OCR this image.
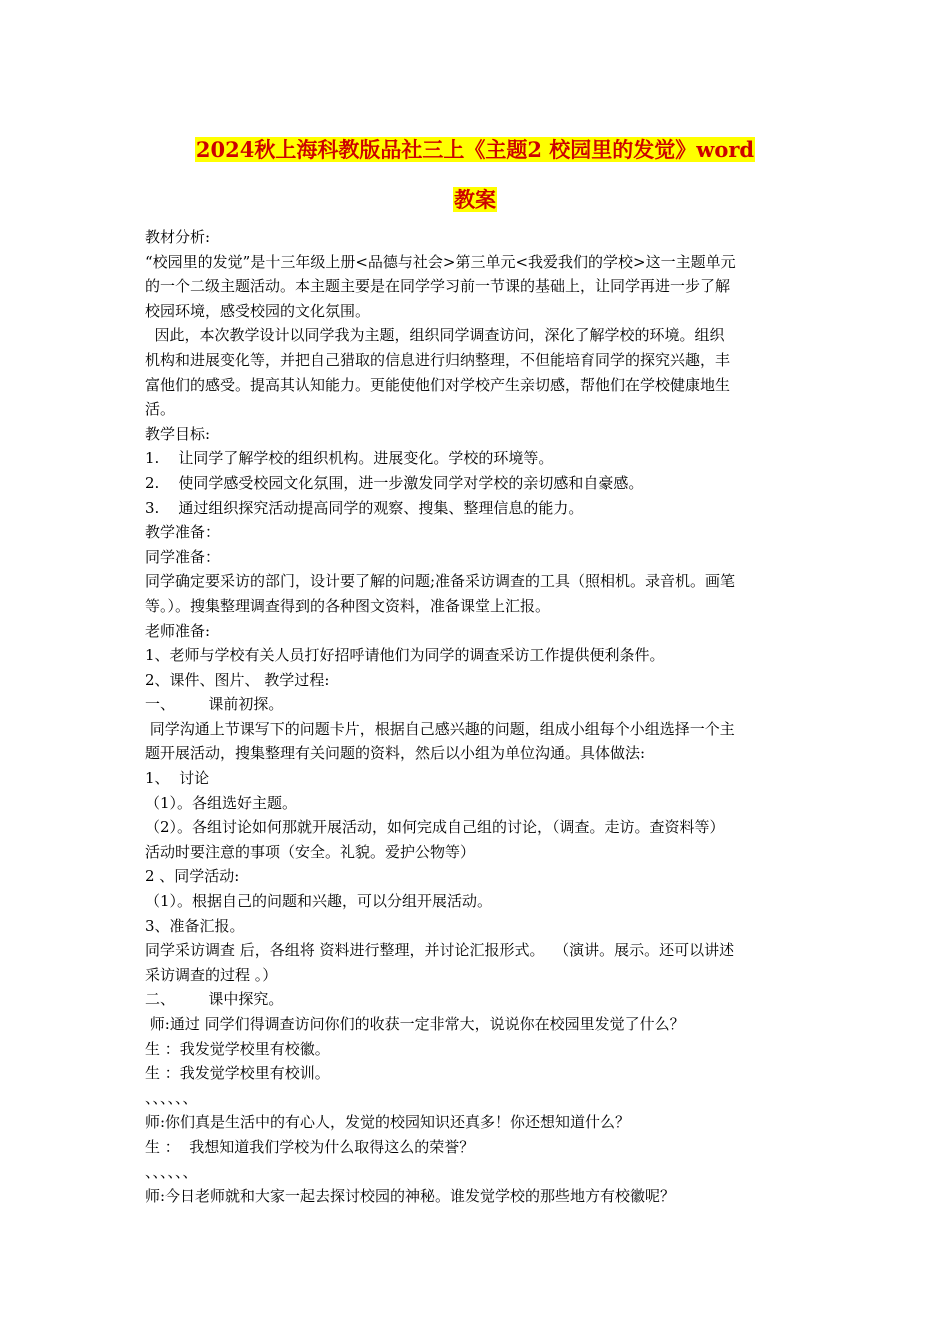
2024秋上海科教版品社三上《主题2 校园里的发觉》word
教案
教材分析:
“校园里的发觉”是十三年级上册<品德与社会>第三单元<我爱我们的学校>这一主题单元
的一个二级主题活动。本主题主要是在同学学习前一节课的基础上，让同学再进一步了解
校园环境，感受校园的文化氛围。
因此，本次教学设计以同学我为主题，组织同学调查访问，深化了解学校的环境。组织
机构和进展变化等，并把自己猎取的信息进行归纳整理，不但能培育同学的探究兴趣，丰
富他们的感受。提高其认知能力。更能使他们对学校产生亲切感，帮他们在学校健康地生
活。
教学目标:
1.    让同学了解学校的组织机构。进展变化。学校的环境等。
2.    使同学感受校园文化氛围，进一步激发同学对学校的亲切感和自豪感。
3.    通过组织探究活动提高同学的观察、搜集、整理信息的能力。
教学准备：
同学准备：
同学确定要采访的部门，设计要了解的问题;准备采访调查的工具（照相机。录音机。画笔
等。）。搜集整理调查得到的各种图文资料，准备课堂上汇报。
老师准备:
1、老师与学校有关人员打好招呼请他们为同学的调查采访工作提供便利条件。
2、课件、图片、 教学过程:
一、       课前初探。
同学沟通上节课写下的问题卡片，根据自己感兴趣的问题，组成小组每个小组选择一个主
题开展活动，搜集整理有关问题的资料，然后以小组为单位沟通。具体做法:
1、  讨论
（1）。各组选好主题。
（2）。各组讨论如何那就开展活动，如何完成自己组的讨论，（调查。走访。查资料等）
活动时要注意的事项（安全。礼貌。爱护公物等）
2 、同学活动:
（1）。根据自己的问题和兴趣，可以分组开展活动。
3、准备汇报。
同学采访调查 后，各组将 资料进行整理，并讨论汇报形式。  （演讲。展示。还可以讲述
采访调查的过程 。）
二、       课中探究。
师:通过 同学们得调查访问你们的收获一定非常大，说说你在校园里发觉了什么？
生 ：我发觉学校里有校徽。
生 ：我发觉学校里有校训。
、、、、、、
师:你们真是生活中的有心人，发觉的校园知识还真多！你还想知道什么？
生 ：  我想知道我们学校为什么取得这么的荣誉？
、、、、、、
师:今日老师就和大家一起去探讨校园的神秘。谁发觉学校的那些地方有校徽呢？
